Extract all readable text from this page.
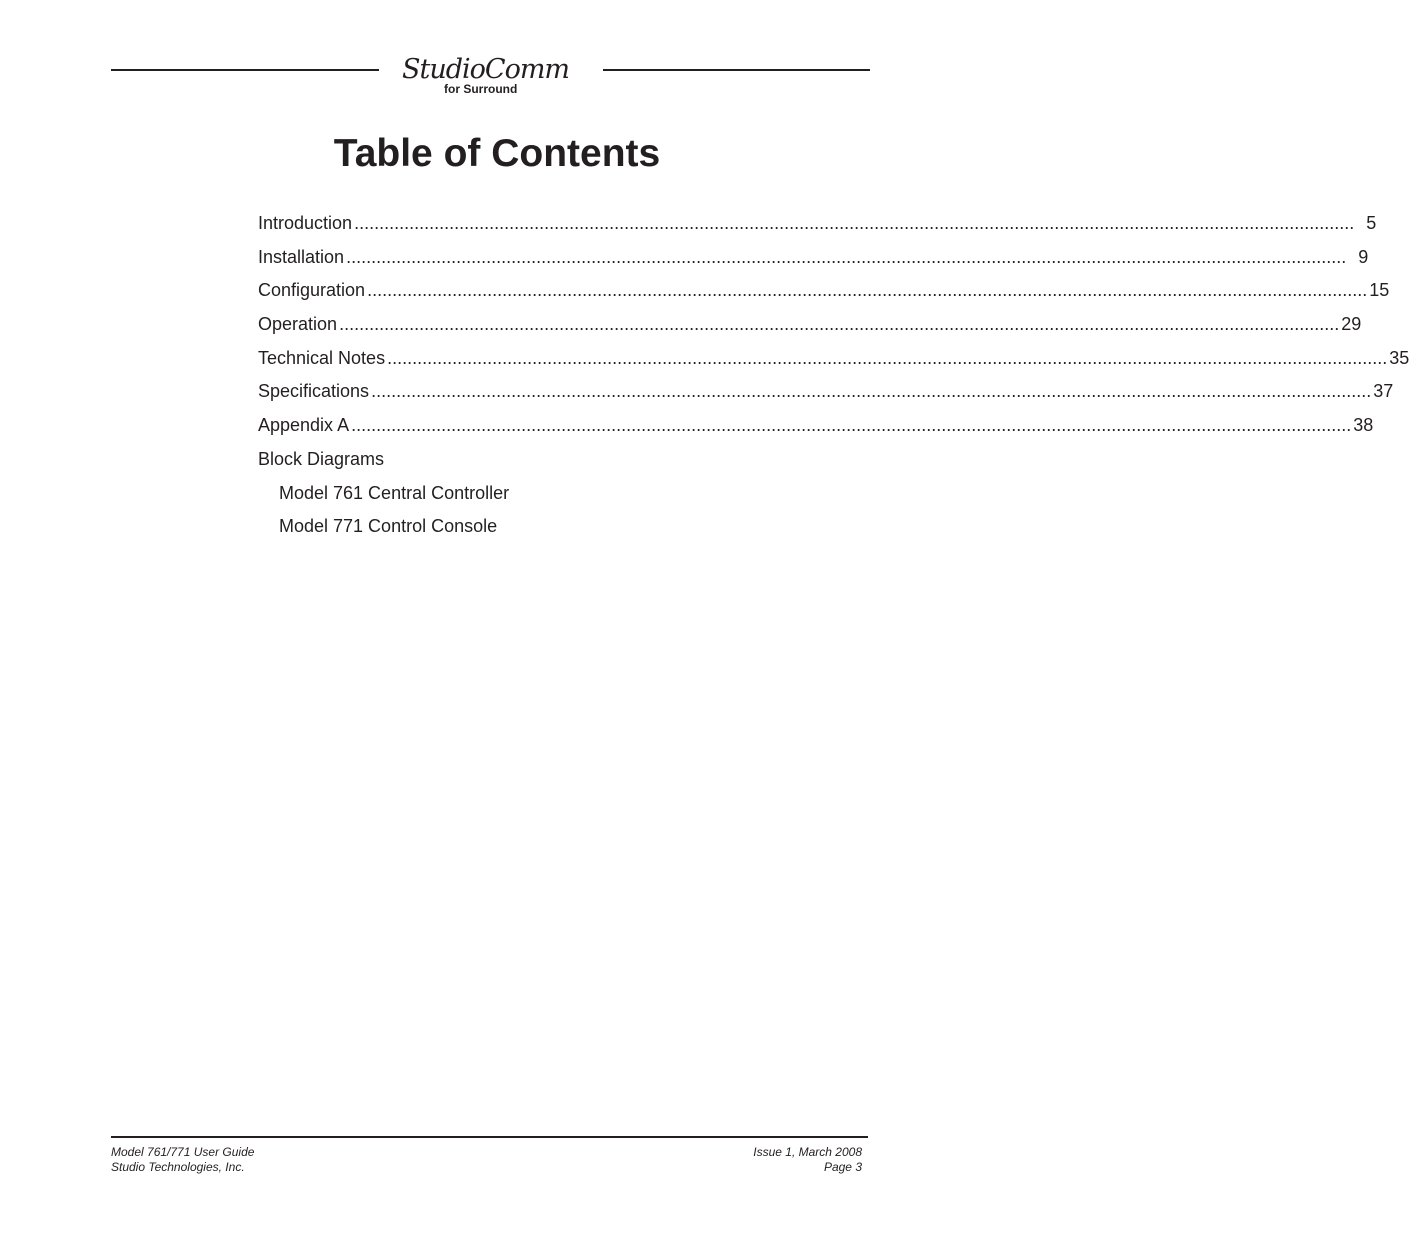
StudioComm
for Surround
Table of Contents
Introduction ........................................................................................................................................................................................................ 5
Installation ........................................................................................................................................................................................................ 9
Configuration ........................................................................................................................................................................................................ 15
Operation ........................................................................................................................................................................................................ 29
Technical Notes ........................................................................................................................................................................................................ 35
Specifications ........................................................................................................................................................................................................ 37
Appendix A ........................................................................................................................................................................................................ 38
Block Diagrams
Model 761 Central Controller
Model 771 Control Console
Model 761/771 User Guide
Studio Technologies, Inc.
Issue 1, March 2008
Page 3
